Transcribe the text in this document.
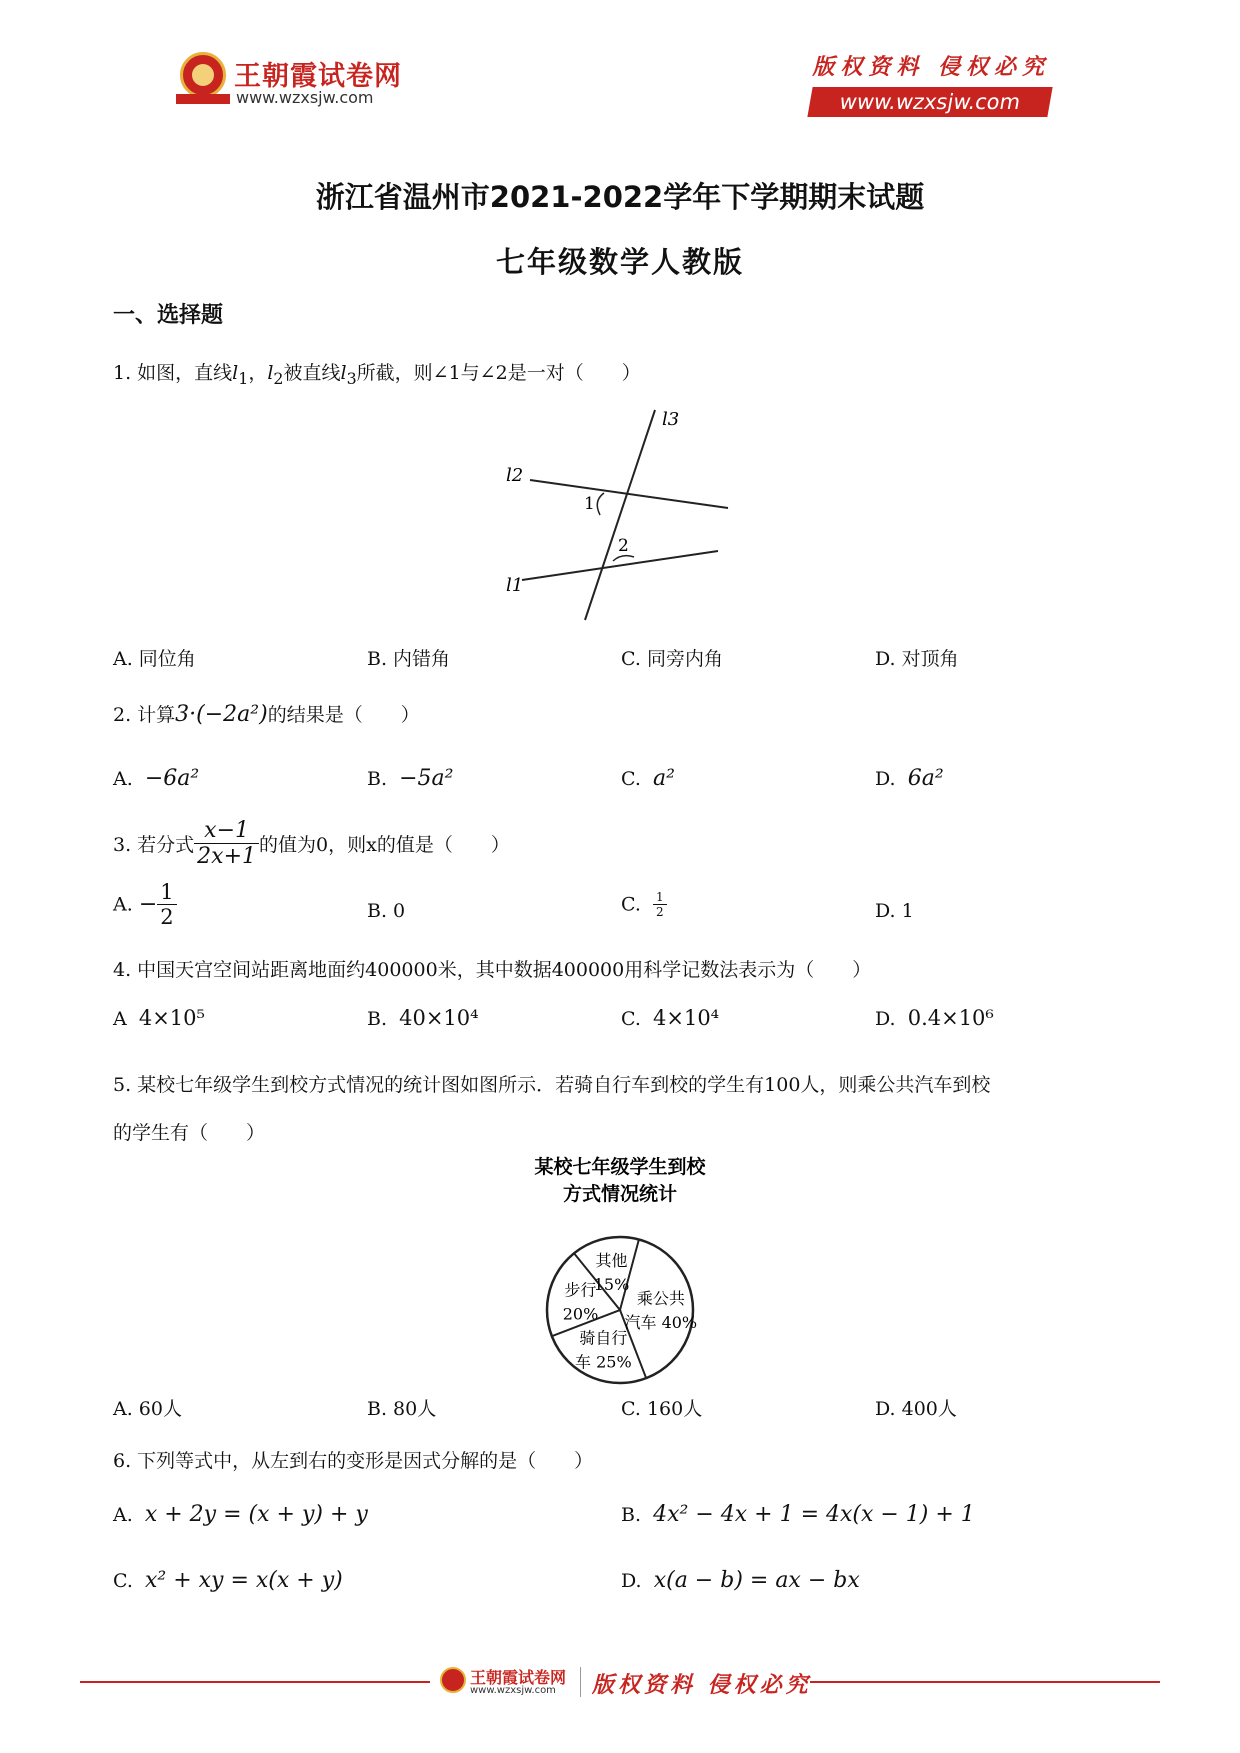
王朝霞试卷网
www.wzxsjw.com
版权资料 侵权必究
www.wzxsjw.com
浙江省温州市2021-2022学年下学期期末试题
七年级数学人教版
一、选择题
1. 如图，直线$l_1$，$l_2$被直线$l_3$所截，则∠1与∠2是一对（　　）
l3
l2
l1
1
2
A. 同位角	B. 内错角	C. 同旁内角	D. 对顶角
2. 计算3·(−2a²)的结果是（　　）
A. −6a²	B. −5a²	C. a²	D. 6a²
3. 若分式 $\frac{x-1}{2x+1}$ 的值为0，则x的值是（　　）
A. − $\frac{1}{2}$	B. 0	C. $\frac{1}{2}$	D. 1
4. 中国天宫空间站距离地面约400000米，其中数据400000用科学记数法表示为（　　）
A 4×10⁵	B. 40×10⁴	C. 4×10⁴	D. 0.4×10⁶
5. 某校七年级学生到校方式情况的统计图如图所示．若骑自行车到校的学生有100人，则乘公共汽车到校
的学生有（　　）
某校七年级学生到校
方式情况统计
乘公共
汽车 40%
骑自行
车 25%
步行
20%
其他
15%
A. 60人	B. 80人	C. 160人	D. 400人
6. 下列等式中，从左到右的变形是因式分解的是（　　）
A. x + 2y = (x + y) + y	B. 4x² − 4x + 1 = 4x(x − 1) + 1
C. x² + xy = x(x + y)	D. x(a − b) = ax − bx
王朝霞试卷网
www.wzxsjw.com 版权资料 侵权必究
